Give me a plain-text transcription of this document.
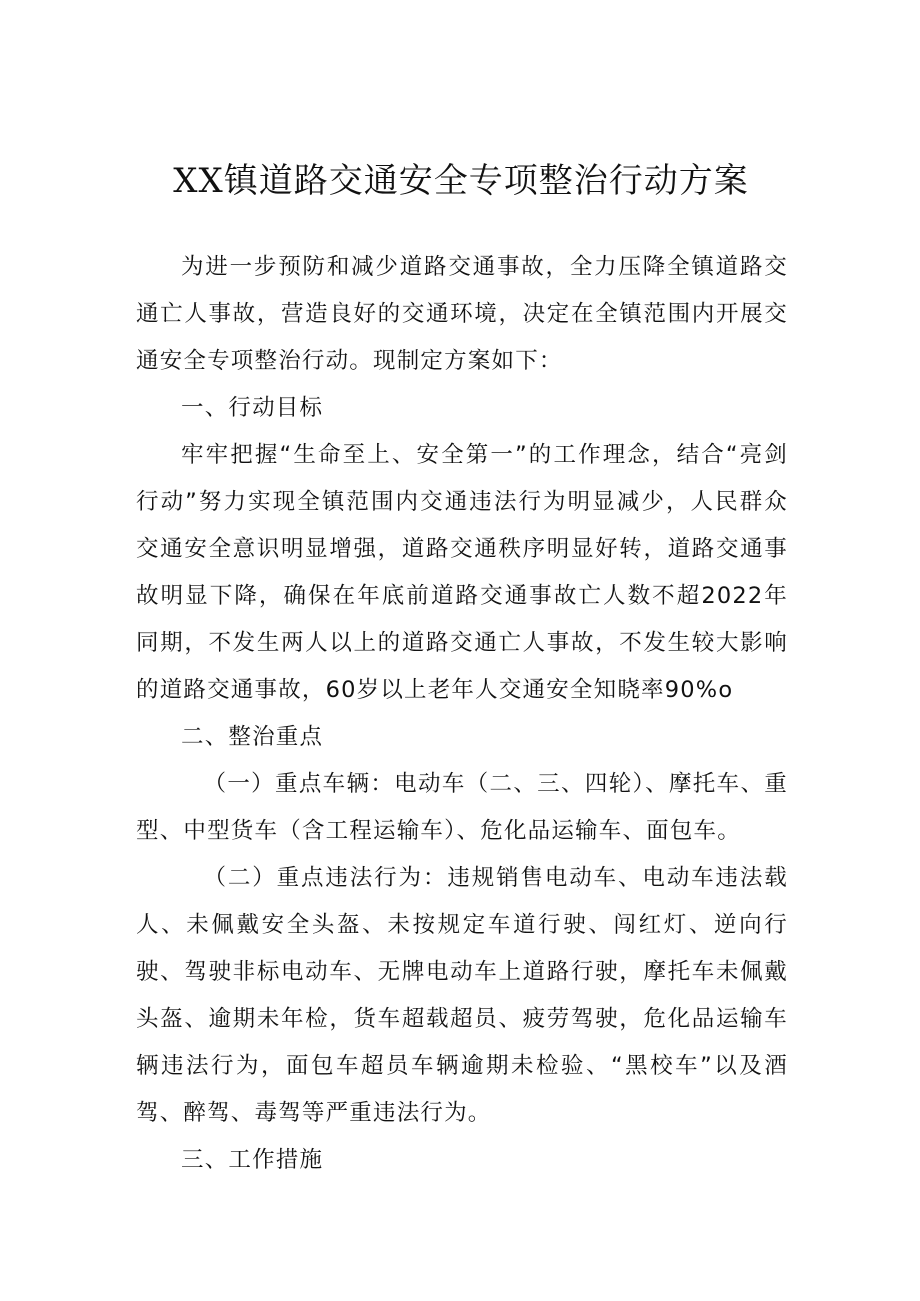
XX镇道路交通安全专项整治行动方案

为进一步预防和减少道路交通事故，全力压降全镇道路交通亡人事故，营造良好的交通环境，决定在全镇范围内开展交通安全专项整治行动。现制定方案如下：

一、行动目标

牢牢把握“生命至上、安全第一”的工作理念，结合“亮剑行动”努力实现全镇范围内交通违法行为明显减少，人民群众交通安全意识明显增强，道路交通秩序明显好转，道路交通事故明显下降，确保在年底前道路交通事故亡人数不超2022年同期，不发生两人以上的道路交通亡人事故，不发生较大影响的道路交通事故，60岁以上老年人交通安全知晓率90%o

二、整治重点

（一）重点车辆：电动车（二、三、四轮）、摩托车、重型、中型货车（含工程运输车）、危化品运输车、面包车。

（二）重点违法行为：违规销售电动车、电动车违法载人、未佩戴安全头盔、未按规定车道行驶、闯红灯、逆向行驶、驾驶非标电动车、无牌电动车上道路行驶，摩托车未佩戴头盔、逾期未年检，货车超载超员、疲劳驾驶，危化品运输车辆违法行为，面包车超员车辆逾期未检验、“黑校车”以及酒驾、醉驾、毒驾等严重违法行为。

三、工作措施
